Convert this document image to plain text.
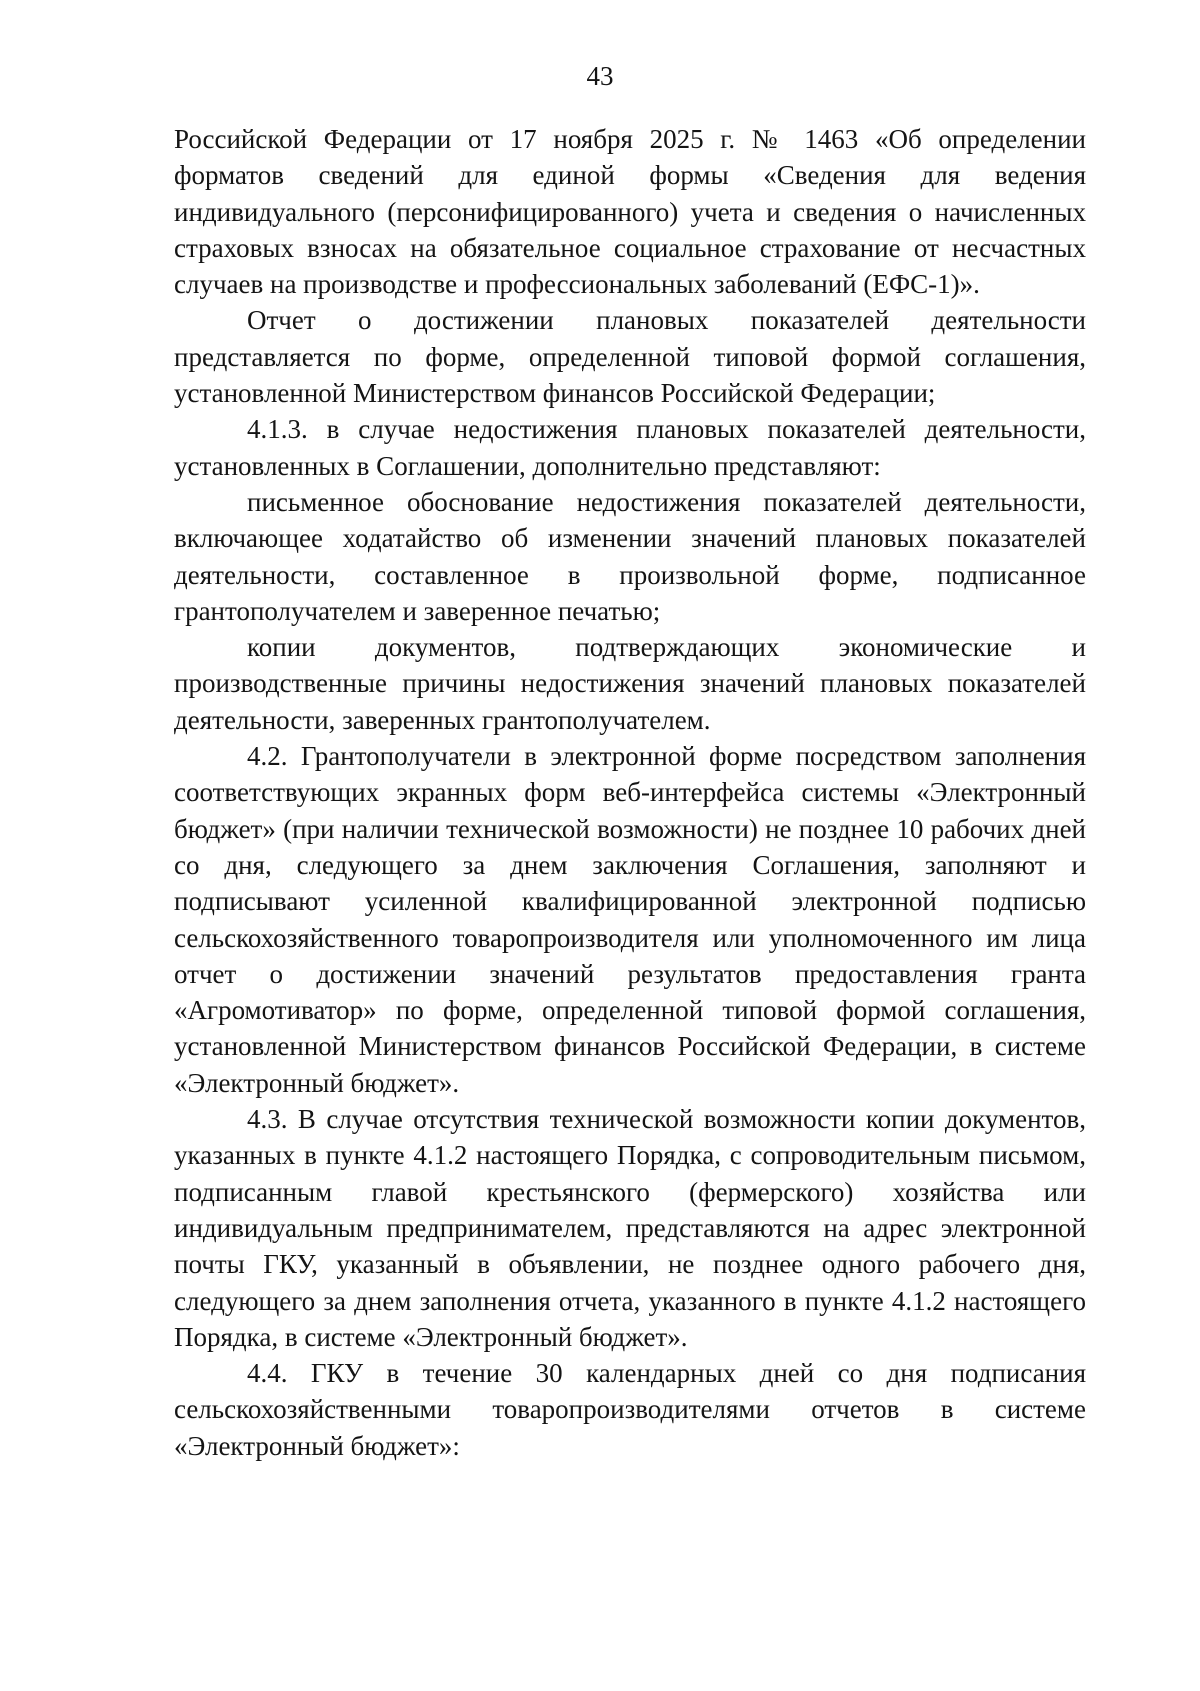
43

Российской Федерации от 17 ноября 2025 г. № 1463 «Об определении форматов сведений для единой формы «Сведения для ведения индивидуального (персонифицированного) учета и сведения о начисленных страховых взносах на обязательное социальное страхование от несчастных случаев на производстве и профессиональных заболеваний (ЕФС-1)».

Отчет о достижении плановых показателей деятельности представляется по форме, определенной типовой формой соглашения, установленной Министерством финансов Российской Федерации;

4.1.3. в случае недостижения плановых показателей деятельности, установленных в Соглашении, дополнительно представляют:

письменное обоснование недостижения показателей деятельности, включающее ходатайство об изменении значений плановых показателей деятельности, составленное в произвольной форме, подписанное грантополучателем и заверенное печатью;

копии документов, подтверждающих экономические и производственные причины недостижения значений плановых показателей деятельности, заверенных грантополучателем.

4.2. Грантополучатели в электронной форме посредством заполнения соответствующих экранных форм веб-интерфейса системы «Электронный бюджет» (при наличии технической возможности) не позднее 10 рабочих дней со дня, следующего за днем заключения Соглашения, заполняют и подписывают усиленной квалифицированной электронной подписью сельскохозяйственного товаропроизводителя или уполномоченного им лица отчет о достижении значений результатов предоставления гранта «Агромотиватор» по форме, определенной типовой формой соглашения, установленной Министерством финансов Российской Федерации, в системе «Электронный бюджет».

4.3. В случае отсутствия технической возможности копии документов, указанных в пункте 4.1.2 настоящего Порядка, с сопроводительным письмом, подписанным главой крестьянского (фермерского) хозяйства или индивидуальным предпринимателем, представляются на адрес электронной почты ГКУ, указанный в объявлении, не позднее одного рабочего дня, следующего за днем заполнения отчета, указанного в пункте 4.1.2 настоящего Порядка, в системе «Электронный бюджет».

4.4. ГКУ в течение 30 календарных дней со дня подписания сельскохозяйственными товаропроизводителями отчетов в системе «Электронный бюджет»:
